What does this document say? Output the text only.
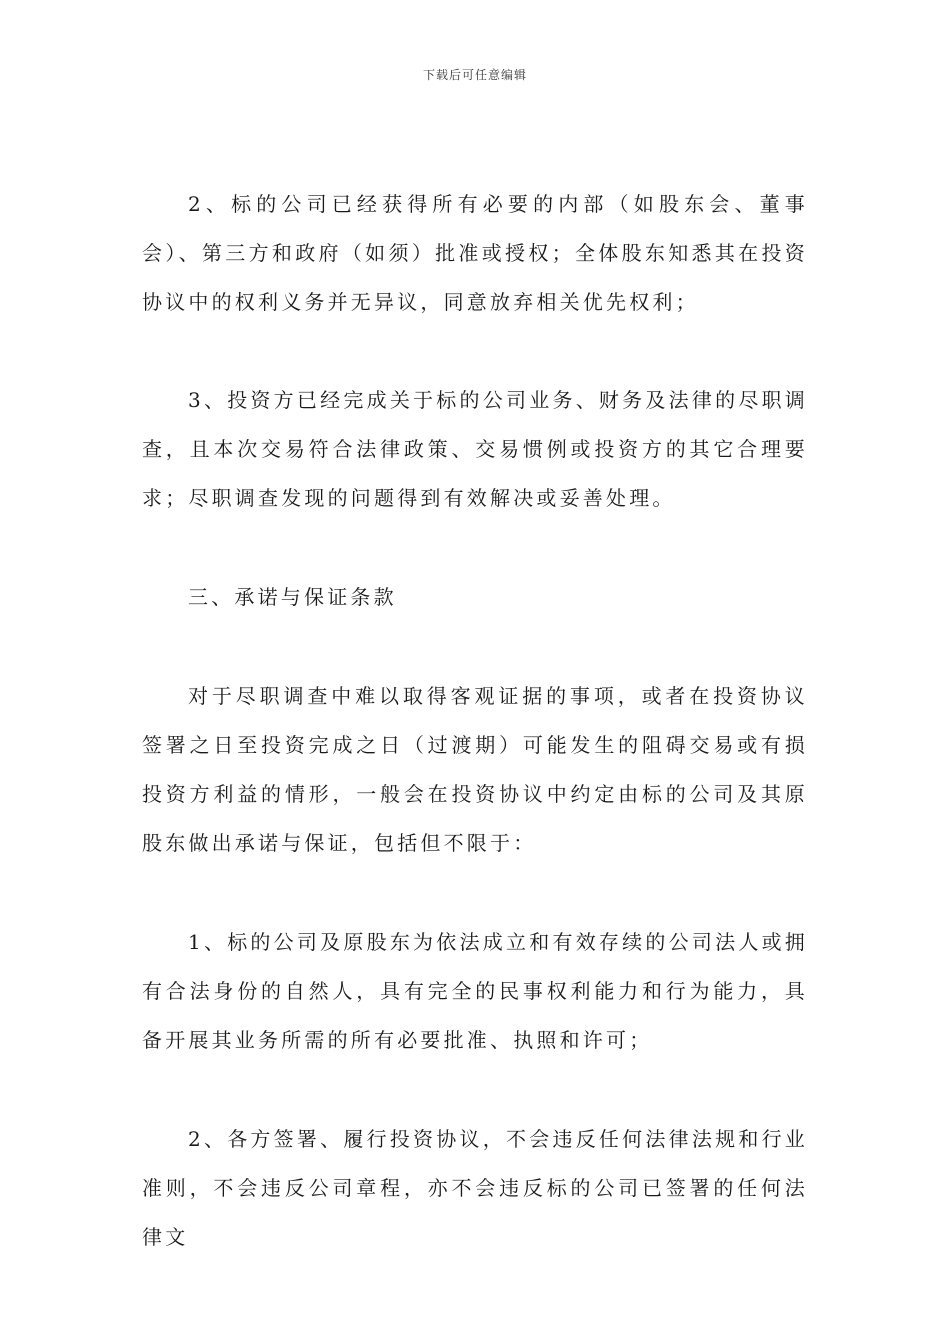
下载后可任意编辑

2、标的公司已经获得所有必要的内部（如股东会、董事会）、第三方和政府（如须）批准或授权；全体股东知悉其在投资协议中的权利义务并无异议，同意放弃相关优先权利；

3、投资方已经完成关于标的公司业务、财务及法律的尽职调查，且本次交易符合法律政策、交易惯例或投资方的其它合理要求；尽职调查发现的问题得到有效解决或妥善处理。

三、承诺与保证条款

对于尽职调查中难以取得客观证据的事项，或者在投资协议签署之日至投资完成之日（过渡期）可能发生的阻碍交易或有损投资方利益的情形，一般会在投资协议中约定由标的公司及其原股东做出承诺与保证，包括但不限于：

1、标的公司及原股东为依法成立和有效存续的公司法人或拥有合法身份的自然人，具有完全的民事权利能力和行为能力，具备开展其业务所需的所有必要批准、执照和许可；

2、各方签署、履行投资协议，不会违反任何法律法规和行业准则，不会违反公司章程，亦不会违反标的公司已签署的任何法律文
